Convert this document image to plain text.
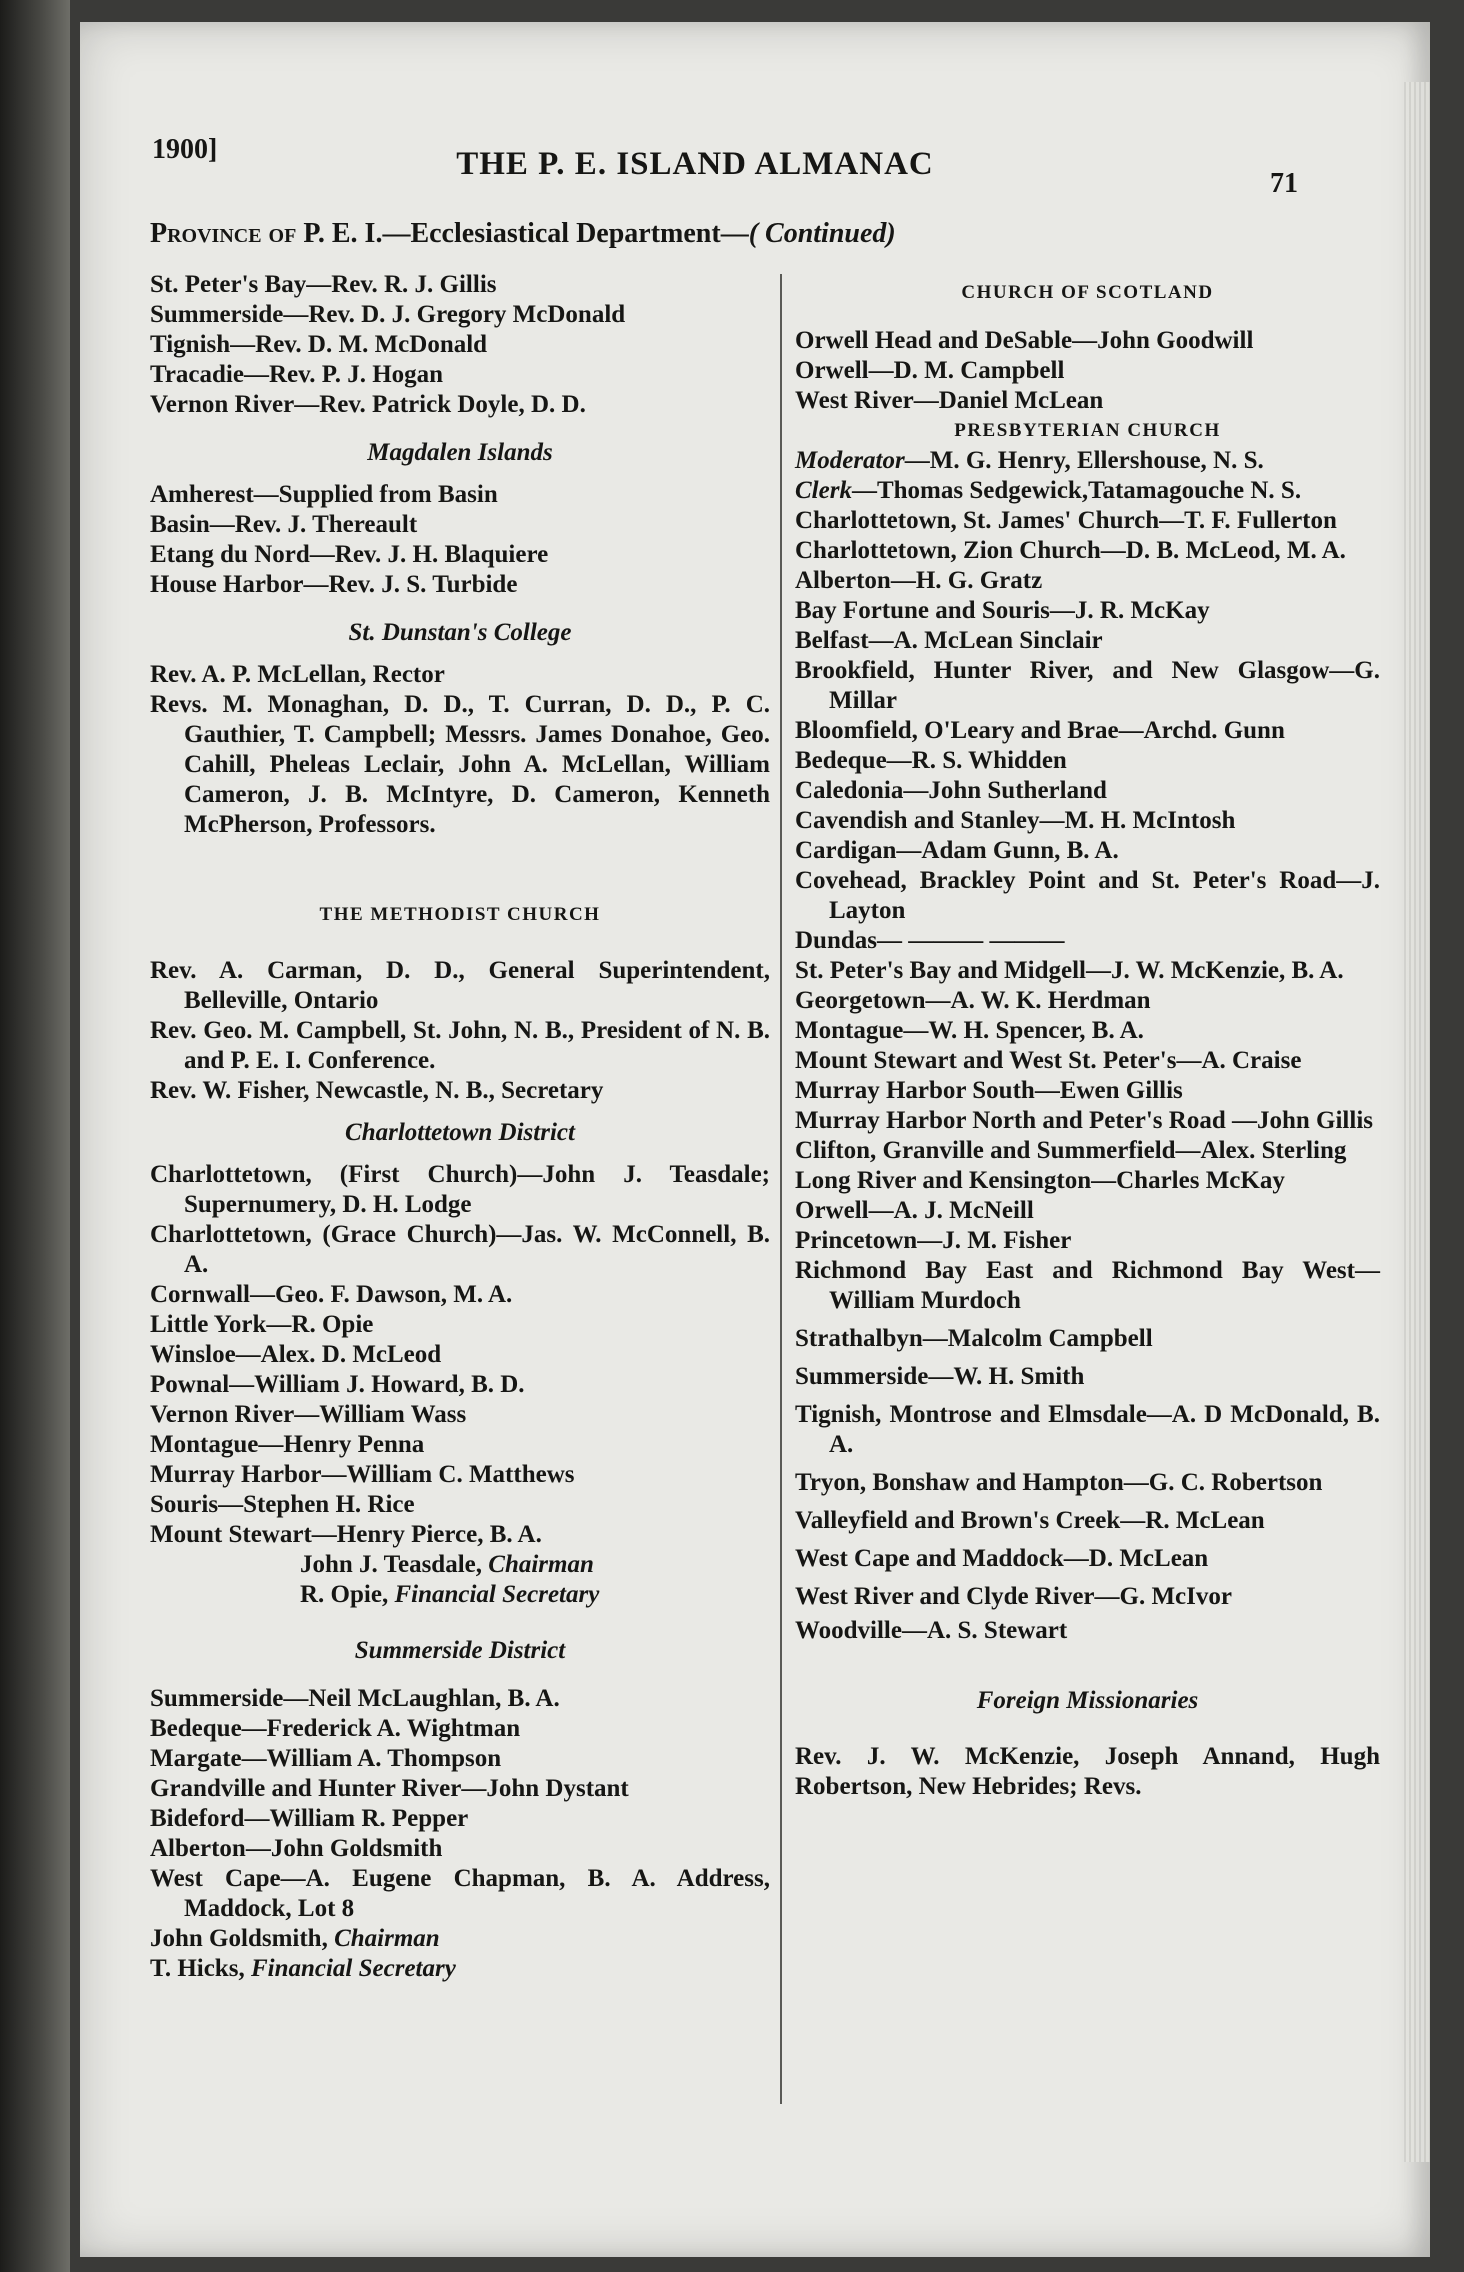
1900]	THE P. E. ISLAND ALMANAC
71
Province of P. E. I.—Ecclesiastical Department—( Continued)

St. Peter's Bay—Rev. R. J. Gillis

Summerside—Rev. D. J. Gregory McDonald

Tignish—Rev. D. M. McDonald

Tracadie—Rev. P. J. Hogan

Vernon River—Rev. Patrick Doyle, D. D.

Magdalen Islands

Amherest—Supplied from Basin

Basin—Rev. J. Thereault

Etang du Nord—Rev. J. H. Blaquiere

House Harbor—Rev. J. S. Turbide

St. Dunstan's College

Rev. A. P. McLellan, Rector

Revs. M. Monaghan, D. D., T. Curran, D. D., P. C. Gauthier, T. Campbell; Messrs. James Donahoe, Geo. Cahill, Pheleas Leclair, John A. McLellan, William Cameron, J. B. McIntyre, D. Cameron, Kenneth McPherson, Professors.

THE METHODIST CHURCH

Rev. A. Carman, D. D., General Superintendent, Belleville, Ontario

Rev. Geo. M. Campbell, St. John, N. B., President of N. B. and P. E. I. Conference.

Rev. W. Fisher, Newcastle, N. B., Secretary

Charlottetown District

Charlottetown, (First Church)—John J. Teasdale; Supernumery, D. H. Lodge

Charlottetown, (Grace Church)—Jas. W. McConnell, B. A.

Cornwall—Geo. F. Dawson, M. A.

Little York—R. Opie

Winsloe—Alex. D. McLeod

Pownal—William J. Howard, B. D.

Vernon River—William Wass

Montague—Henry Penna

Murray Harbor—William C. Matthews

Souris—Stephen H. Rice

Mount Stewart—Henry Pierce, B. A.

John J. Teasdale, Chairman

R. Opie, Financial Secretary

Summerside District

Summerside—Neil McLaughlan, B. A.

Bedeque—Frederick A. Wightman

Margate—William A. Thompson

Grandville and Hunter River—John Dystant

Bideford—William R. Pepper

Alberton—John Goldsmith

West Cape—A. Eugene Chapman, B. A. Address, Maddock, Lot 8

John Goldsmith, Chairman

T. Hicks, Financial Secretary

CHURCH OF SCOTLAND

Orwell Head and DeSable—John Goodwill

Orwell—D. M. Campbell

West River—Daniel McLean

PRESBYTERIAN CHURCH

Moderator—M. G. Henry, Ellershouse, N. S.

Clerk—Thomas Sedgewick,Tatamagouche N. S.

Charlottetown, St. James' Church—T. F. Fullerton

Charlottetown, Zion Church—D. B. McLeod, M. A.

Alberton—H. G. Gratz

Bay Fortune and Souris—J. R. McKay

Belfast—A. McLean Sinclair

Brookfield, Hunter River, and New Glasgow—G. Millar

Bloomfield, O'Leary and Brae—Archd. Gunn

Bedeque—R. S. Whidden

Caledonia—John Sutherland

Cavendish and Stanley—M. H. McIntosh

Cardigan—Adam Gunn, B. A.

Covehead, Brackley Point and St. Peter's Road—J. Layton

Dundas— ——— ———

St. Peter's Bay and Midgell—J. W. McKenzie, B. A.

Georgetown—A. W. K. Herdman

Montague—W. H. Spencer, B. A.

Mount Stewart and West St. Peter's—A. Craise

Murray Harbor South—Ewen Gillis

Murray Harbor North and Peter's Road —John Gillis

Clifton, Granville and Summerfield—Alex. Sterling

Long River and Kensington—Charles McKay

Orwell—A. J. McNeill

Princetown—J. M. Fisher

Richmond Bay East and Richmond Bay West—William Murdoch

Strathalbyn—Malcolm Campbell

Summerside—W. H. Smith

Tignish, Montrose and Elmsdale—A. D McDonald, B. A.

Tryon, Bonshaw and Hampton—G. C. Robertson

Valleyfield and Brown's Creek—R. McLean

West Cape and Maddock—D. McLean

West River and Clyde River—G. McIvor

Woodville—A. S. Stewart

Foreign Missionaries

Rev. J. W. McKenzie, Joseph Annand, Hugh Robertson, New Hebrides; Revs.
